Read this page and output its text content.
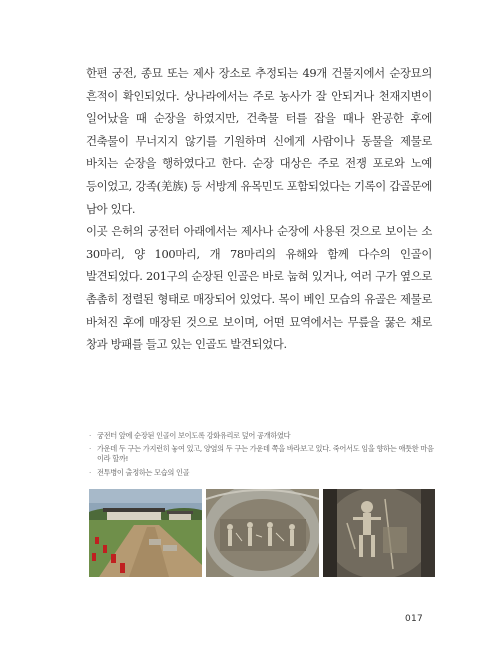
한편 궁전, 종묘 또는 제사 장소로 추정되는 49개 건물지에서 순장묘의 흔적이 확인되었다. 상나라에서는 주로 농사가 잘 안되거나 천재지변이 일어났을 때 순장을 하였지만, 건축물 터를 잡을 때나 완공한 후에 건축물이 무너지지 않기를 기원하며 신에게 사람이나 동물을 제물로 바치는 순장을 행하였다고 한다. 순장 대상은 주로 전쟁 포로와 노예 등이었고, 강족(羌族) 등 서방계 유목민도 포함되었다는 기록이 갑골문에 남아 있다.

이곳 은허의 궁전터 아래에서는 제사나 순장에 사용된 것으로 보이는 소 30마리, 양 100마리, 개 78마리의 유해와 함께 다수의 인골이 발견되었다. 201구의 순장된 인골은 바로 눕혀 있거나, 여러 구가 옆으로 촘촘히 정렬된 형태로 매장되어 있었다. 목이 베인 모습의 유골은 제물로 바쳐진 후에 매장된 것으로 보이며, 어떤 묘역에서는 무릎을 꿇은 채로 창과 방패를 들고 있는 인골도 발견되었다.

· 궁전터 앞에 순장된 인골이 보이도록 강화유리로 덮어 공개하였다
· 가운데 두 구는 가지런히 놓여 있고, 양옆의 두 구는 가운데 쪽을 바라보고 있다. 죽어서도 임을 향하는 애틋한 마음이라 할까!
· 전투병이 출정하는 모습의 인골
017
